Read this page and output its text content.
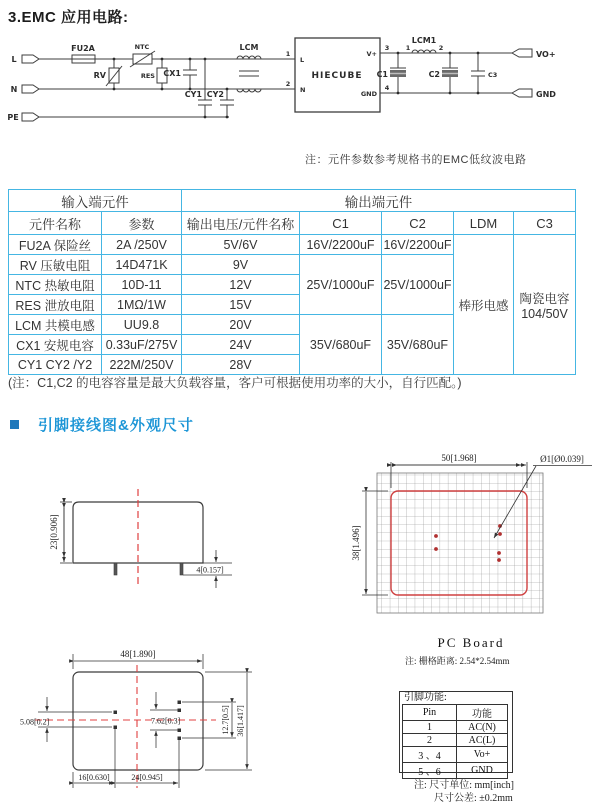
3.EMC 应用电路:
L
N
PE
FU2A
RV
NTC
RES CX1
CY1 CY2
LCM
1
2
HIECUBE
L
N
V+
GND
3
4
LCM1
1	2
C1	C2	C3
VO+
GND
注：元件参数参考规格书的EMC低纹波电路
输入端元件		输出端元件				
元件名称	参数	输出电压/元件名称	C1	C2	LDM	C3
FU2A 保险丝	2A /250V	5V/6V	16V/2200uF	16V/2200uF	棒形电感	陶瓷电容
104/50V

RV 压敏电阻	14D471K	9V	25V/1000uF	25V/1000uF		
NTC 热敏电阻	10D-11	12V				
RES 泄放电阻	1MΩ/1W	15V				
LCM 共模电感	UU9.8	20V	35V/680uF	35V/680uF		
CX1 安规电容	0.33uF/275V	24V				
CY1 CY2 /Y2	222M/250V	28V				
(注：C1,C2 的电容容量是最大负载容量，客户可根据使用功率的大小，自行匹配。)
引脚接线图&外观尺寸
23[0.906]
4[0.157]
50[1.968]	Ø1[Ø0.039]
38[1.496]
PC Board
注: 栅格距离: 2.54*2.54mm
48[1.890]
5.08[0.2]	7.62[0.3]	12.7[0.5] 36[1.417]
16[0.630]	24[0.945]
引脚功能:
Pin	功能
1	AC(N)
2	AC(L)
3 、4	Vo+
5 、6	GND
注: 尺寸单位: mm[inch]
尺寸公差: ±0.2mm
